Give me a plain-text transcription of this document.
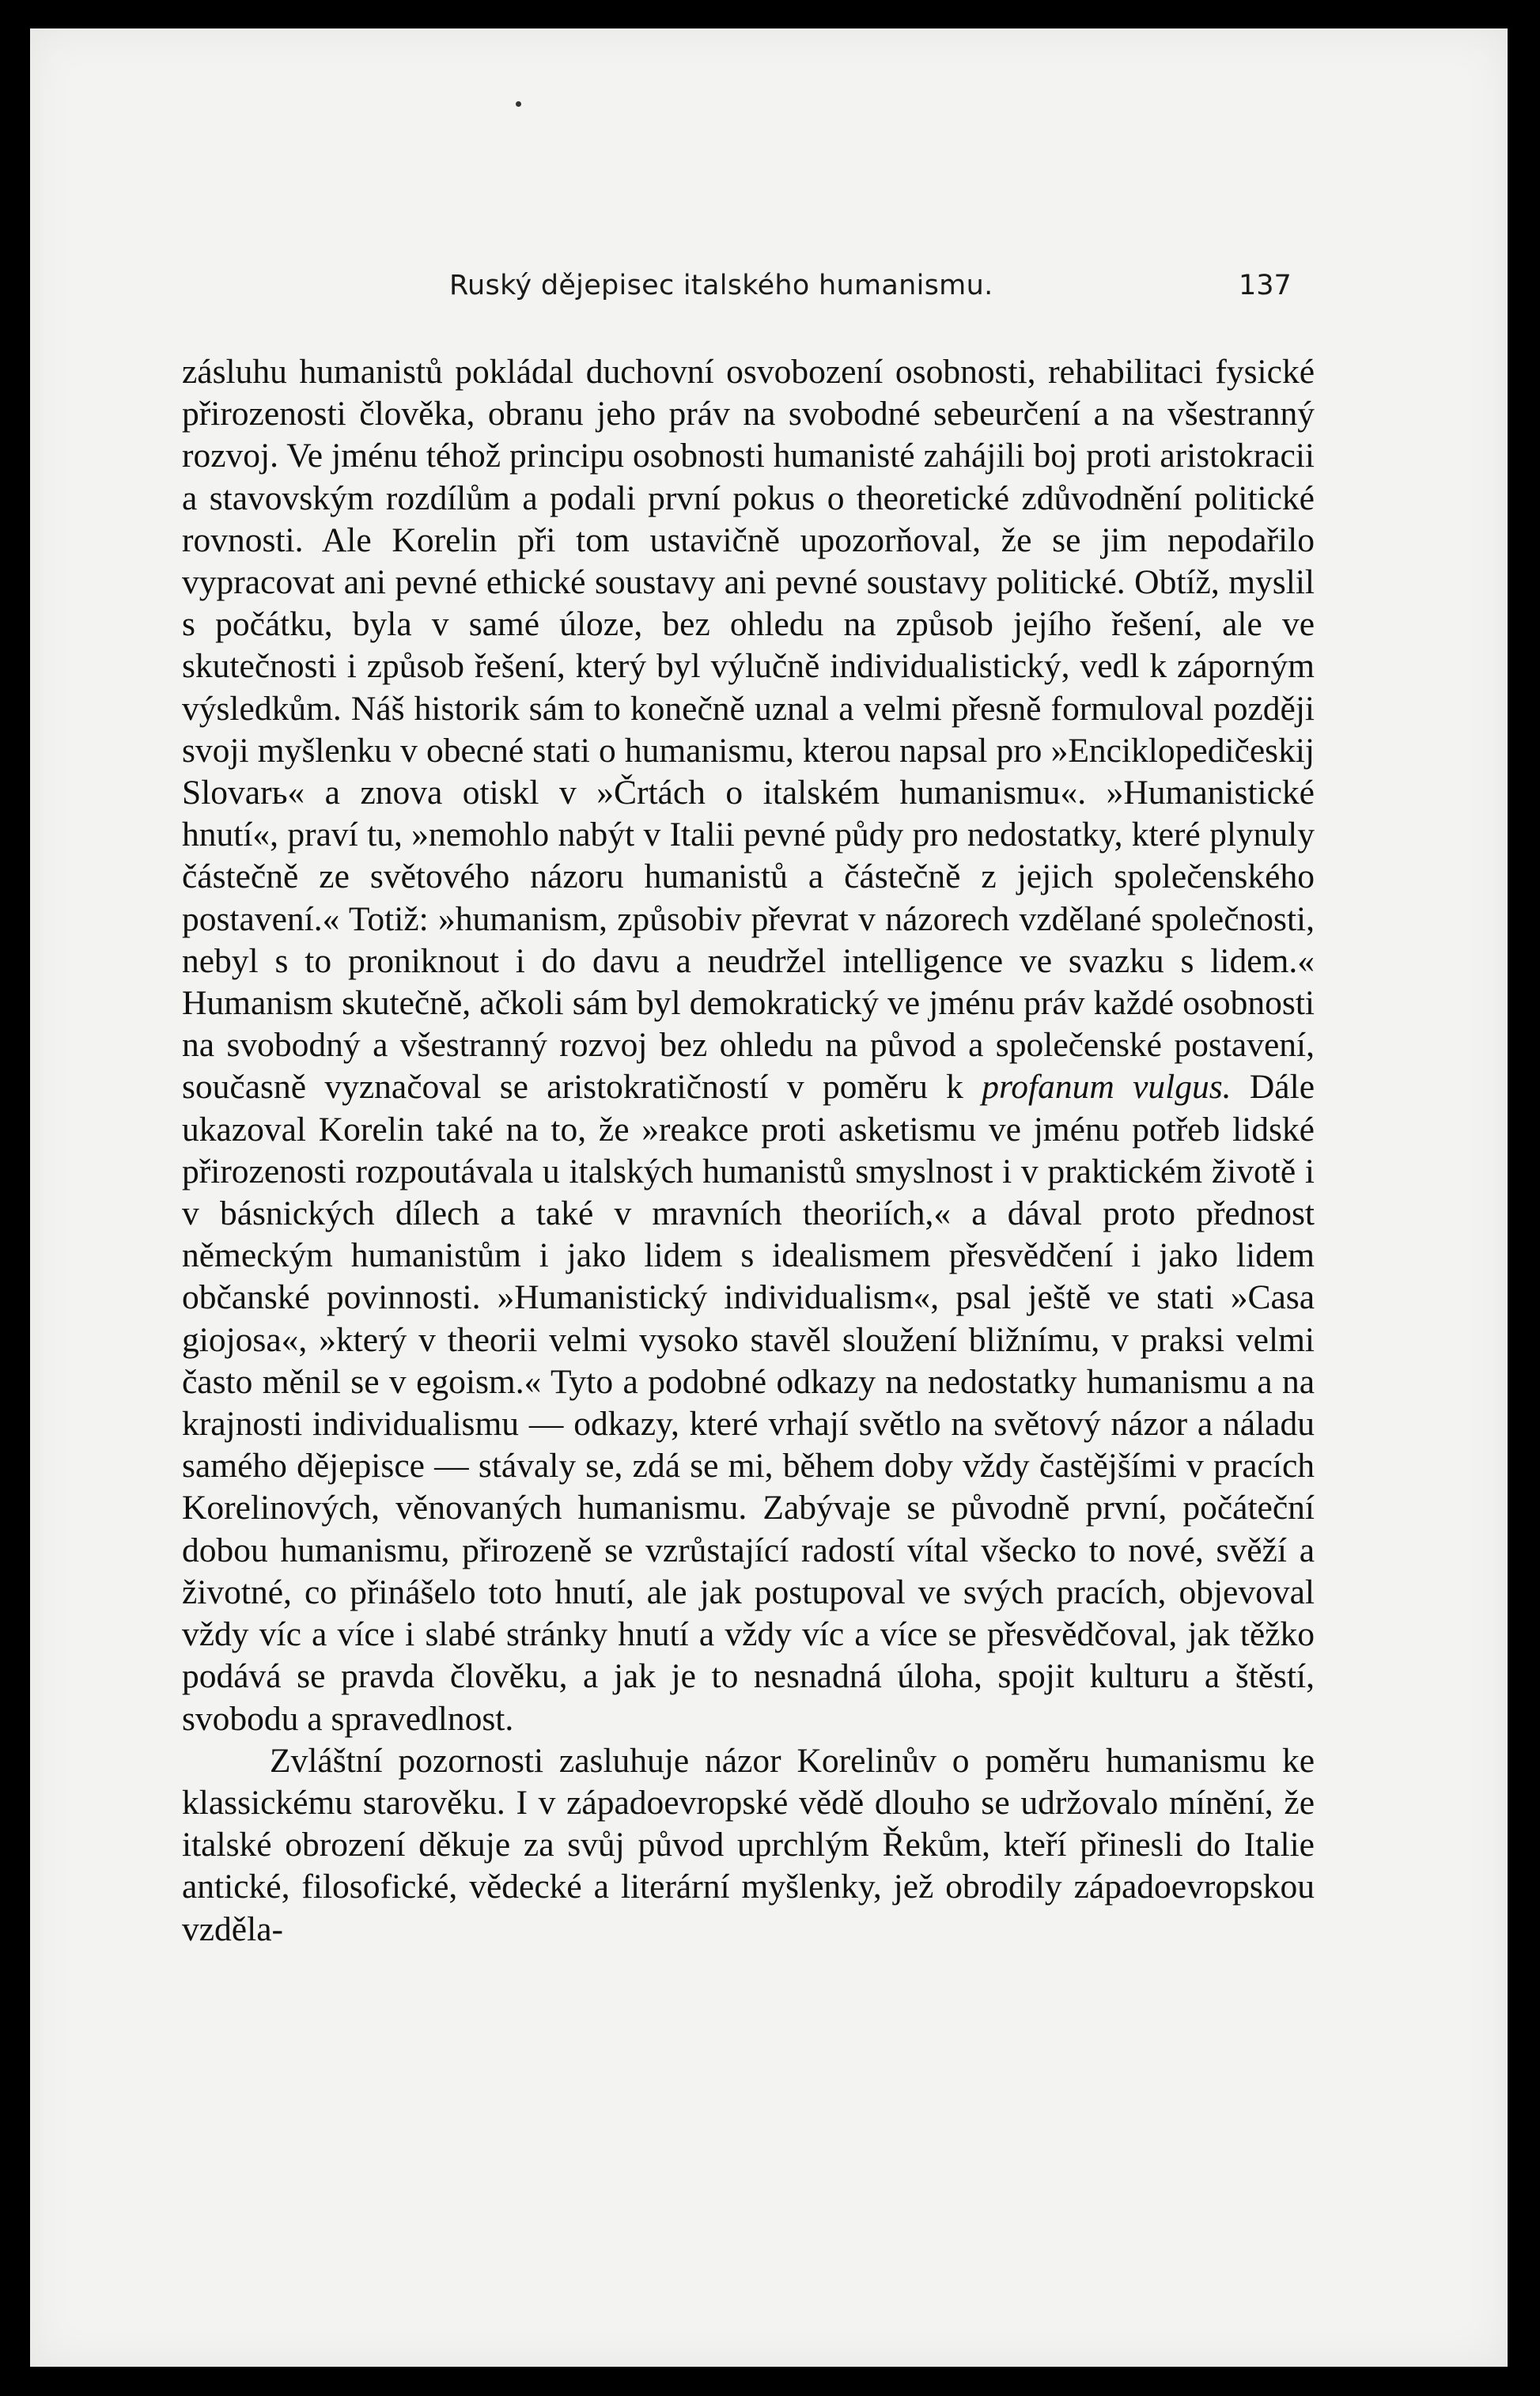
Ruský dějepisec italského humanismu.	137

zásluhu humanistů pokládal duchovní osvobození osobnosti, rehabilitaci fysické přirozenosti člověka, obranu jeho práv na svobodné sebeurčení a na všestranný rozvoj. Ve jménu téhož principu osobnosti humanisté zahájili boj proti aristokracii a stavovským rozdílům a podali první pokus o theoretické zdůvodnění politické rovnosti. Ale Korelin při tom ustavičně upozorňoval, že se jim nepodařilo vypracovat ani pevné ethické soustavy ani pevné soustavy politické. Obtíž, myslil s počátku, byla v samé úloze, bez ohledu na způsob jejího řešení, ale ve skutečnosti i způsob řešení, který byl výlučně individualistický, vedl k záporným výsledkům. Náš historik sám to konečně uznal a velmi přesně formuloval později svoji myšlenku v obecné stati o humanismu, kterou napsal pro »Enciklopedičeskij Slovarь« a znova otiskl v »Črtách o italském humanismu«. »Humanistické hnutí«, praví tu, »nemohlo nabýt v Italii pevné půdy pro nedostatky, které plynuly částečně ze světového názoru humanistů a částečně z jejich společenského postavení.« Totiž: »humanism, způsobiv převrat v názorech vzdělané společnosti, nebyl s to proniknout i do davu a neudržel intelligence ve svazku s lidem.« Humanism skutečně, ačkoli sám byl demokratický ve jménu práv každé osobnosti na svobodný a všestranný rozvoj bez ohledu na původ a společenské postavení, současně vyznačoval se aristokratičností v poměru k profanum vulgus. Dále ukazoval Korelin také na to, že »reakce proti asketismu ve jménu potřeb lidské přirozenosti rozpoutávala u italských humanistů smyslnost i v praktickém životě i v básnických dílech a také v mravních theoriích,« a dával proto přednost německým humanistům i jako lidem s idealismem přesvědčení i jako lidem občanské povinnosti. »Humanistický individualism«, psal ještě ve stati »Casa giojosa«, »který v theorii velmi vysoko stavěl sloužení bližnímu, v praksi velmi často měnil se v egoism.« Tyto a podobné odkazy na nedostatky humanismu a na krajnosti individualismu — odkazy, které vrhají světlo na světový názor a náladu samého dějepisce — stávaly se, zdá se mi, během doby vždy častějšími v pracích Korelinových, věnovaných humanismu. Zabývaje se původně první, počáteční dobou humanismu, přirozeně se vzrůstající radostí vítal všecko to nové, svěží a životné, co přinášelo toto hnutí, ale jak postupoval ve svých pracích, objevoval vždy víc a více i slabé stránky hnutí a vždy víc a více se přesvědčoval, jak těžko podává se pravda člověku, a jak je to nesnadná úloha, spojit kulturu a štěstí, svobodu a spravedlnost.

Zvláštní pozornosti zasluhuje názor Korelinův o poměru humanismu ke klassickému starověku. I v západoevropské vědě dlouho se udržovalo mínění, že italské obrození děkuje za svůj původ uprchlým Řekům, kteří přinesli do Italie antické, filosofické, vědecké a literární myšlenky, jež obrodily západoevropskou vzděla-
